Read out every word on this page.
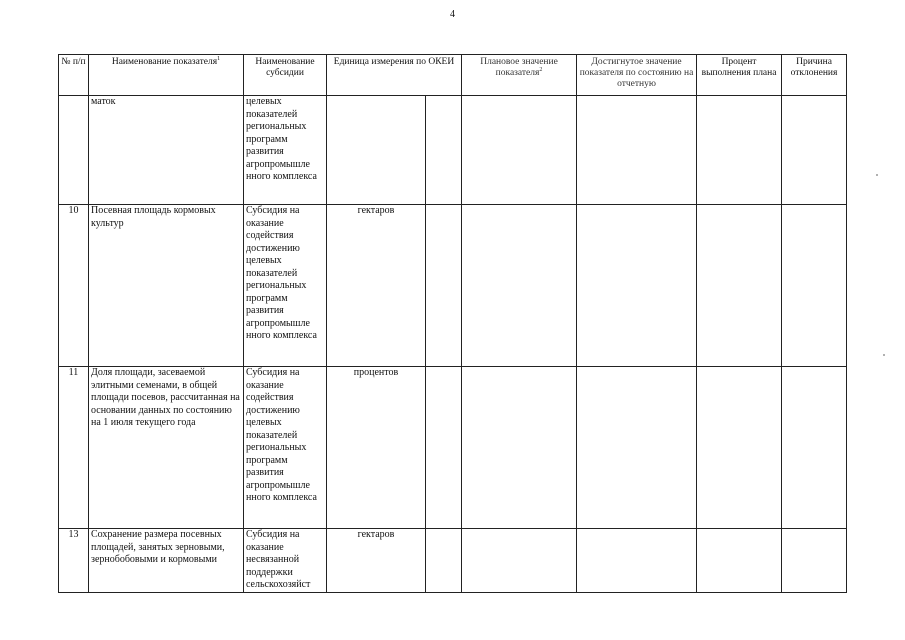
4
№ п/п	Наименование показателя$^1$	Наименование субсидии	Единица измерения по ОКЕИ		Плановое значение показателя$^2$	Достигнутое значение показателя по состоянию на отчетную	Процент выполнения плана	Причина отклонения
	маток	целевых показателей региональных программ развития агропромышле нного комплекса						
10	Посевная площадь кормовых культур	Субсидия на оказание содействия достижению целевых показателей региональных программ развития агропромышле нного комплекса	гектаров					
11	Доля площади, засеваемой элитными семенами, в общей площади посевов, рассчитанная на основании данных по состоянию на 1 июля текущего года	Субсидия на оказание содействия достижению целевых показателей региональных программ развития агропромышле нного комплекса	процентов					
13	Сохранение размера посевных площадей, занятых зерновыми, зернобобовыми и кормовыми	Субсидия на оказание несвязанной поддержки сельскохозяйст	гектаров					
